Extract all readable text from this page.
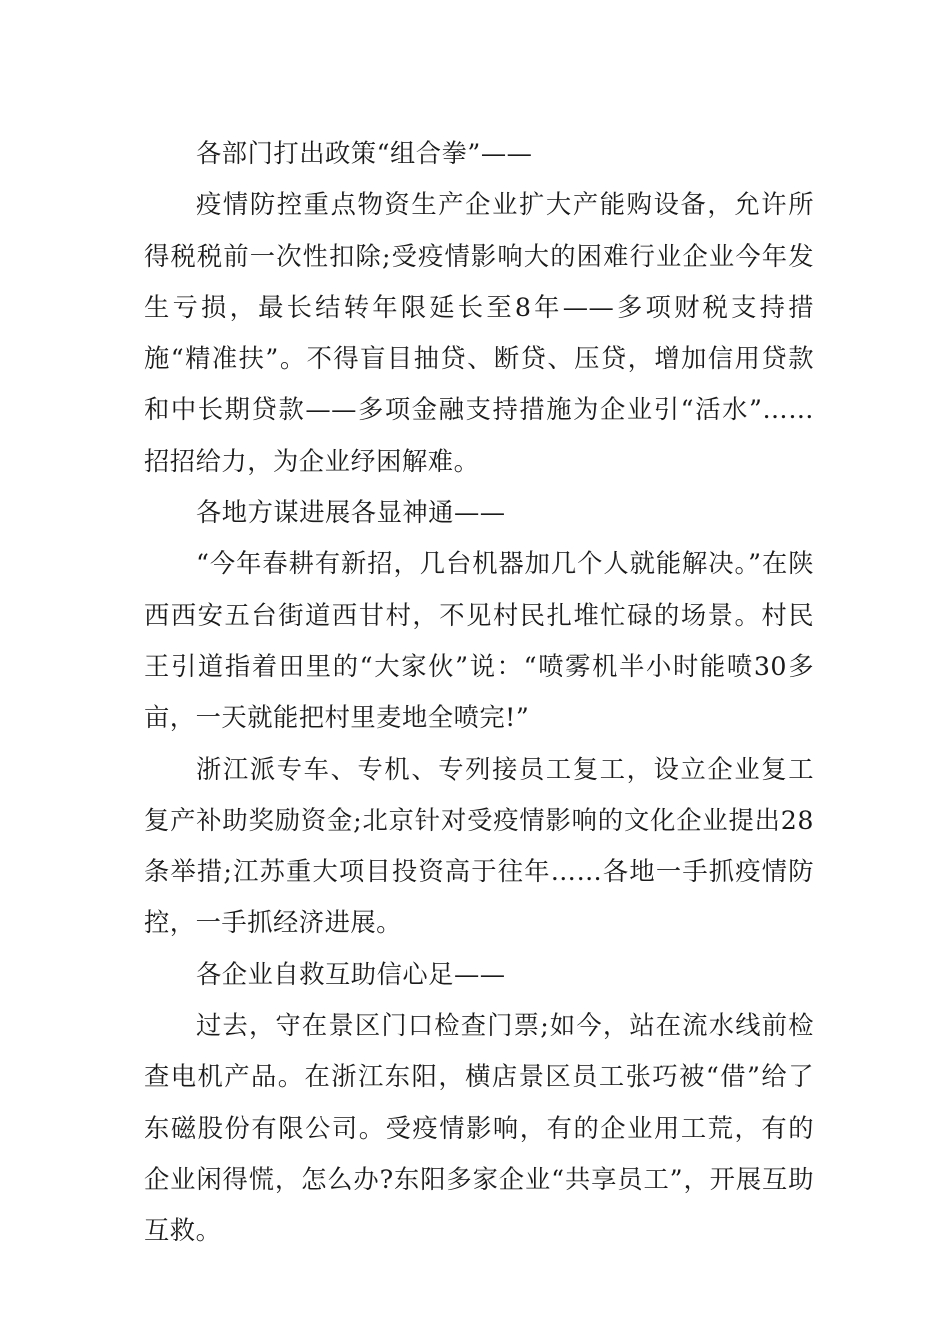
各部门打出政策“组合拳”——

疫情防控重点物资生产企业扩大产能购设备，允许所得税税前一次性扣除;受疫情影响大的困难行业企业今年发生亏损，最长结转年限延长至8年——多项财税支持措施“精准扶”。不得盲目抽贷、断贷、压贷，增加信用贷款和中长期贷款——多项金融支持措施为企业引“活水”……招招给力，为企业纾困解难。

各地方谋进展各显神通——

“今年春耕有新招，几台机器加几个人就能解决。”在陕西西安五台街道西甘村，不见村民扎堆忙碌的场景。村民王引道指着田里的“大家伙”说：“喷雾机半小时能喷30多亩，一天就能把村里麦地全喷完!”

浙江派专车、专机、专列接员工复工，设立企业复工复产补助奖励资金;北京针对受疫情影响的文化企业提出28条举措;江苏重大项目投资高于往年……各地一手抓疫情防控，一手抓经济进展。

各企业自救互助信心足——

过去，守在景区门口检查门票;如今，站在流水线前检查电机产品。在浙江东阳，横店景区员工张巧被“借”给了东磁股份有限公司。受疫情影响，有的企业用工荒，有的企业闲得慌，怎么办?东阳多家企业“共享员工”，开展互助互救。
